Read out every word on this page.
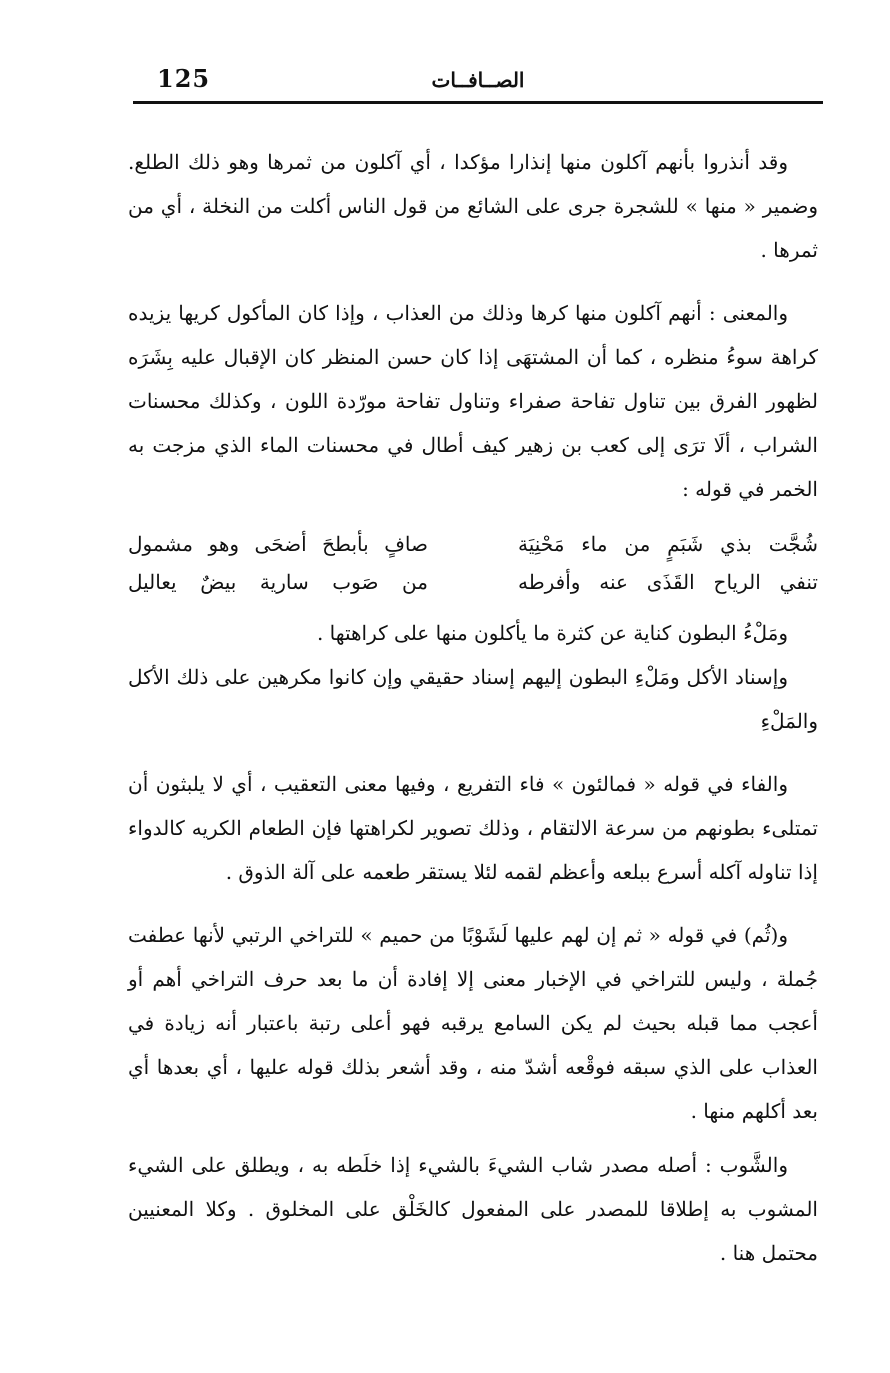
125	الصــافــات

وقد أنذروا بأنهم آكلون منها إنذارا مؤكدا ، أي آكلون من ثمرها وهو ذلك الطلع. وضمير « منها » للشجرة جرى على الشائع من قول الناس أكلت من النخلة ، أي من ثمرها .

والمعنى : أنهم آكلون منها كرها وذلك من العذاب ، وإذا كان المأكول كريها يزيده كراهة سوءُ منظره ، كما أن المشتهَى إذا كان حسن المنظر كان الإقبال عليه بِشَرَه لظهور الفرق بين تناول تفاحة صفراء وتناول تفاحة مورّدة اللون ، وكذلك محسنات الشراب ، ألَا ترَى إلى كعب بن زهير كيف أطال في محسنات الماء الذي مزجت به الخمر في قوله :

شُجَّت بذي شَبَمٍ من ماء مَحْنِيَة
صافٍ بأبطحَ أضحَى وهو مشمول
تنفي الرياح القَذَى عنه وأفرطه
من صَوب سارية بيضٌ يعاليل

ومَلْءُ البطون كناية عن كثرة ما يأكلون منها على كراهتها .

وإسناد الأكل ومَلْءِ البطون إليهم إسناد حقيقي وإن كانوا مكرهين على ذلك الأكل والمَلْءِ

والفاء في قوله « فمالئون » فاء التفريع ، وفيها معنى التعقيب ، أي لا يلبثون أن تمتلىء بطونهم من سرعة الالتقام ، وذلك تصوير لكراهتها فإن الطعام الكريه كالدواء إذا تناوله آكله أسرع ببلعه وأعظم لقمه لئلا يستقر طعمه على آلة الذوق .

و(ثُم) في قوله « ثم إن لهم عليها لَشَوْبًا من حميم » للتراخي الرتبي لأنها عطفت جُملة ، وليس للتراخي في الإخبار معنى إلا إفادة أن ما بعد حرف التراخي أهم أو أعجب مما قبله بحيث لم يكن السامع يرقبه فهو أعلى رتبة باعتبار أنه زيادة في العذاب على الذي سبقه فوقْعه أشدّ منه ، وقد أشعر بذلك قوله عليها ، أي بعدها أي بعد أكلهم منها .

والشَّوب : أصله مصدر شاب الشيءَ بالشيء إذا خلَطه به ، ويطلق على الشيء المشوب به إطلاقا للمصدر على المفعول كالخَلْق على المخلوق . وكلا المعنيين محتمل هنا .
